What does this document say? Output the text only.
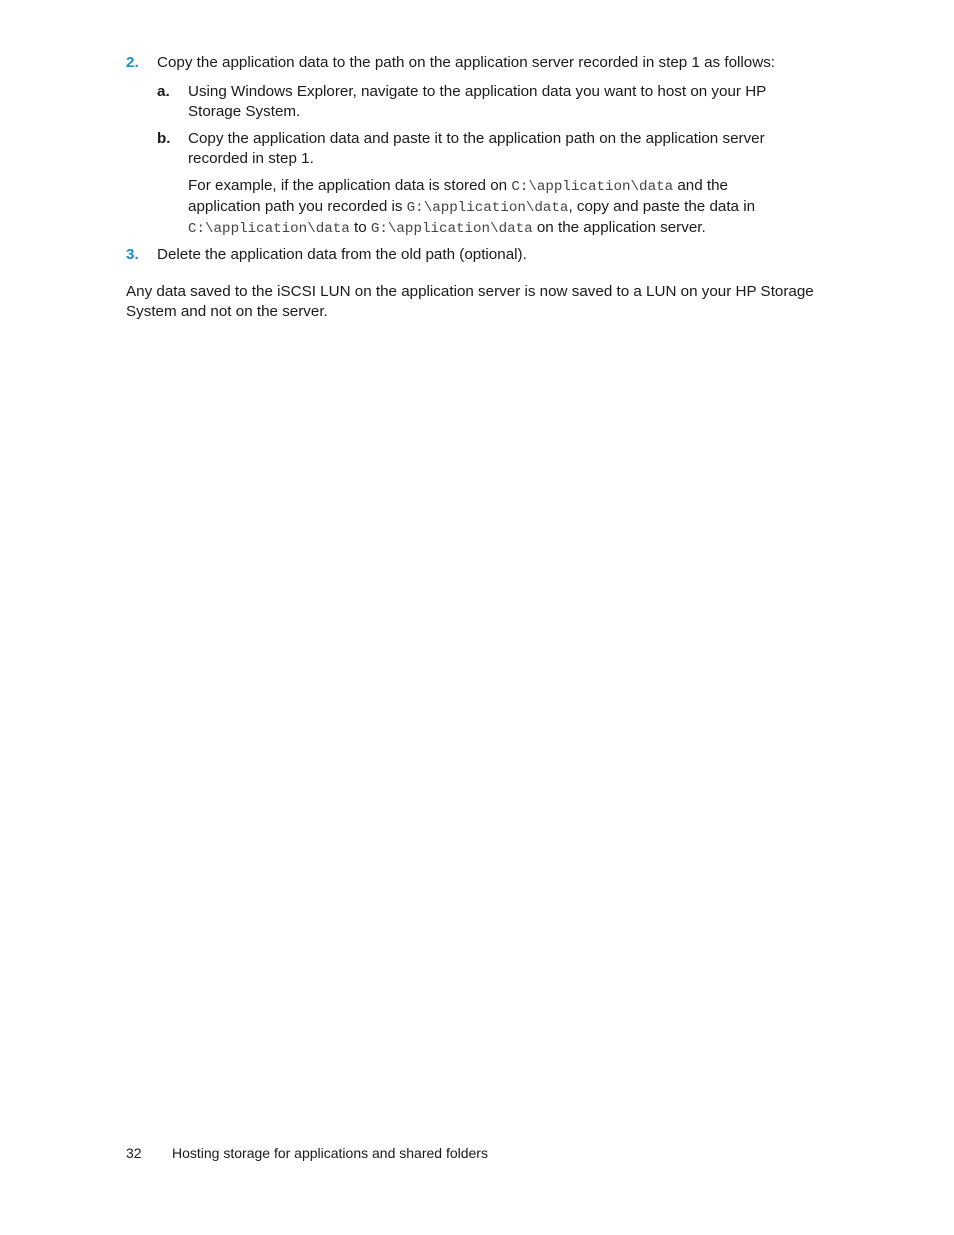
2. Copy the application data to the path on the application server recorded in step 1 as follows:
a. Using Windows Explorer, navigate to the application data you want to host on your HP Storage System.
b. Copy the application data and paste it to the application path on the application server recorded in step 1.
For example, if the application data is stored on C:\application\data and the application path you recorded is G:\application\data, copy and paste the data in C:\application\data to G:\application\data on the application server.
3. Delete the application data from the old path (optional).
Any data saved to the iSCSI LUN on the application server is now saved to a LUN on your HP Storage System and not on the server.
32 Hosting storage for applications and shared folders
